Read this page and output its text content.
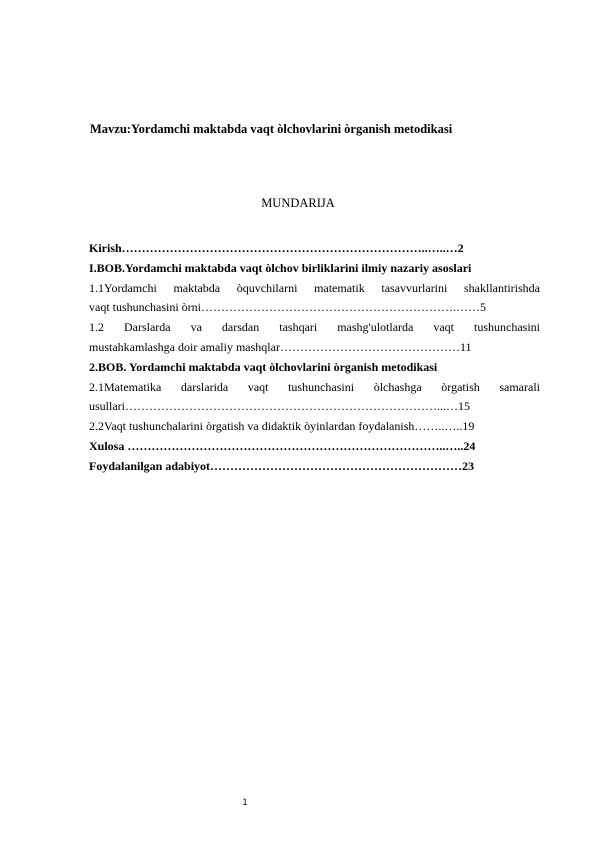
Mavzu:Yordamchi maktabda vaqt òlchovlarini òrganish metodikasi
MUNDARIJA
Kirish…………………………………………………………………..…..…2
I.BOB.Yordamchi maktabda vaqt òlchov birliklarini ilmiy nazariy asoslari
1.1Yordamchi maktabda òquvchilarni matematik tasavvurlarini shakllantirishda
vaqt tushunchasini òrni……………………………………………………….……5
1.2 Darslarda va darsdan tashqari mashg'ulotlarda vaqt tushunchasini
mustahkamlashga doir amaliy mashqlar………………………………………11
2.BOB. Yordamchi maktabda vaqt òlchovlarini òrganish metodikasi
2.1Matematika darslarida vaqt tushunchasini òlchashga òrgatish samarali
usullari……………………………………………………………………...…15
2.2Vaqt tushunchalarini òrgatish va didaktik òyinlardan foydalanish……..…..19
Xulosa ……………………………………………………………………..…..24
Foydalanilgan adabiyot………………………………………………………23
1
